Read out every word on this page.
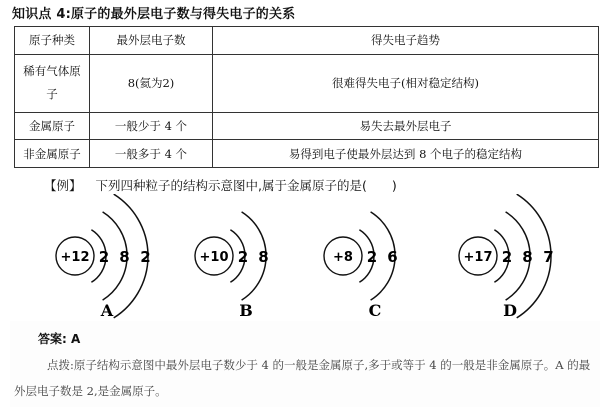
知识点 4:原子的最外层电子数与得失电子的关系
原子种类	最外层电子数	得失电子趋势
稀有气体原子	8(氦为2)	很难得失电子(相对稳定结构)
金属原子	一般少于 4 个	易失去最外层电子
非金属原子	一般多于 4 个	易得到电子使最外层达到 8 个电子的稳定结构
【例】 下列四种粒子的结构示意图中,属于金属原子的是(　　)
+12 2 8 2
A
+10 2 8
B
+8 2 6
C
+17 2 8 7
D
答案: A
点拨:原子结构示意图中最外层电子数少于 4 的一般是金属原子,多于或等于 4 的一般是非金属原子。A 的最外层电子数是 2,是金属原子。
